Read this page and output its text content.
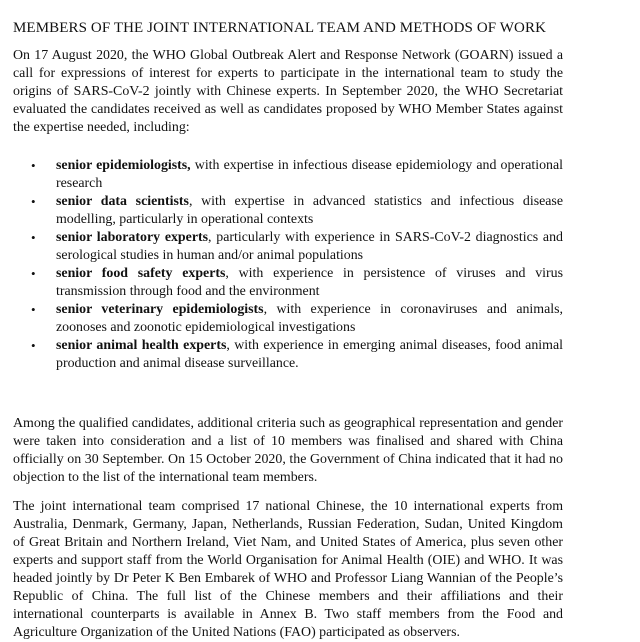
MEMBERS OF THE JOINT INTERNATIONAL TEAM AND METHODS OF WORK

On 17 August 2020, the WHO Global Outbreak Alert and Response Network (GOARN) issued a call for expressions of interest for experts to participate in the international team to study the origins of SARS-CoV-2 jointly with Chinese experts. In September 2020, the WHO Secretariat evaluated the candidates received as well as candidates proposed by WHO Member States against the expertise needed, including:

• senior epidemiologists, with expertise in infectious disease epidemiology and operational research
• senior data scientists, with expertise in advanced statistics and infectious disease modelling, particularly in operational contexts
• senior laboratory experts, particularly with experience in SARS-CoV-2 diagnostics and serological studies in human and/or animal populations
• senior food safety experts, with experience in persistence of viruses and virus transmission through food and the environment
• senior veterinary epidemiologists, with experience in coronaviruses and animals, zoonoses and zoonotic epidemiological investigations
• senior animal health experts, with experience in emerging animal diseases, food animal production and animal disease surveillance.

Among the qualified candidates, additional criteria such as geographical representation and gender were taken into consideration and a list of 10 members was finalised and shared with China officially on 30 September. On 15 October 2020, the Government of China indicated that it had no objection to the list of the international team members.

The joint international team comprised 17 national Chinese, the 10 international experts from Australia, Denmark, Germany, Japan, Netherlands, Russian Federation, Sudan, United Kingdom of Great Britain and Northern Ireland, Viet Nam, and United States of America, plus seven other experts and support staff from the World Organisation for Animal Health (OIE) and WHO. It was headed jointly by Dr Peter K Ben Embarek of WHO and Professor Liang Wannian of the People’s Republic of China. The full list of the Chinese members and their affiliations and their international counterparts is available in Annex B. Two staff members from the Food and Agriculture Organization of the United Nations (FAO) participated as observers.
